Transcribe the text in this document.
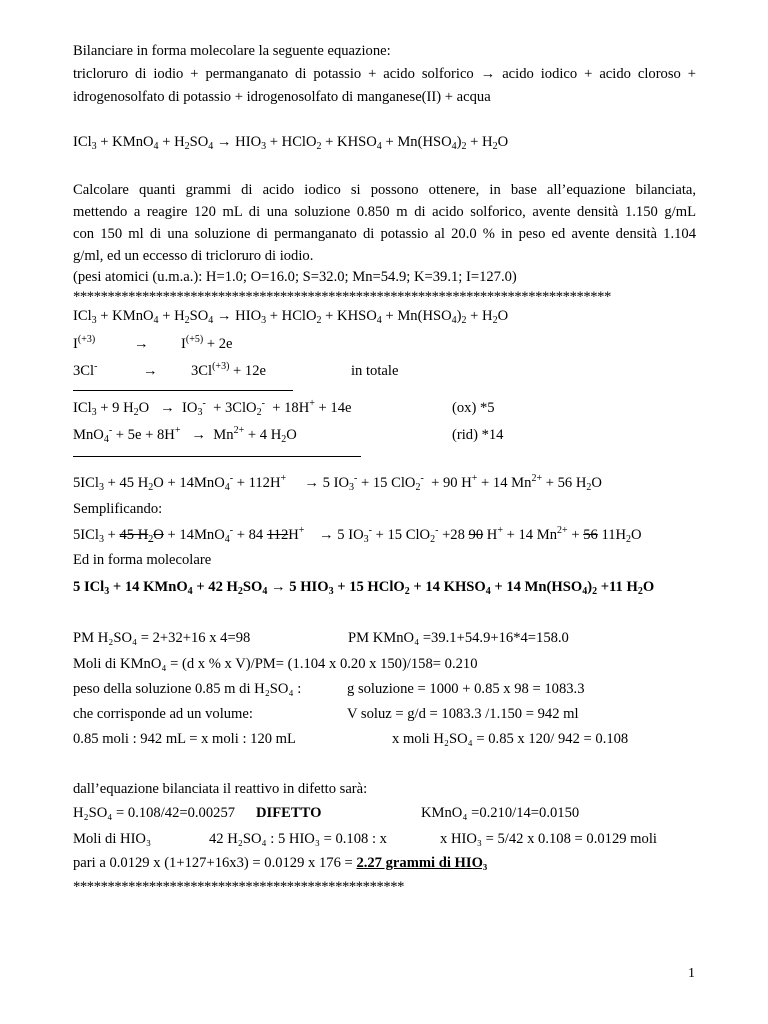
Bilanciare in forma molecolare la seguente equazione:
tricloruro di iodio + permanganato di potassio + acido solforico → acido iodico + acido cloroso +
idrogenosolfato di potassio + idrogenosolfato di manganese(II) + acqua
ICl$_3$ + KMnO$_4$ + $H_2SO_4 \to HIO_3$ + HClO$_2$ + $KHSO_4 + Mn(HSO_4)_2 + H_2O$
Calcolare quanti grammi di acido iodico si possono ottenere, in base all’equazione bilanciata,
mettendo a reagire 120 mL di una soluzione 0.850 m di acido solforico, avente densità 1.150 g/mL
con 150 ml di una soluzione di permanganato di potassio al 20.0 % in peso ed avente densità 1.104
g/ml, ed un eccesso di tricloruro di iodio.
(pesi atomici (u.m.a.): H=1.0; O=16.0; S=32.0; Mn=54.9; K=39.1; I=127.0)
******************************************************************************
ICl$_3$ + KMnO$_4$ + $H_2SO_4 \to HIO_3$ + HClO$_2$ + $KHSO_4 + Mn(HSO_4)_2 + H_2O$
$I^{(+3)}$	→ $I^{(+5)} + 2e$
3Cl-	→ $3Cl^{(+3)} + 12e$	in totale
ICl$_3$ + 9 $H_2O \to IO_3^- + 3ClO_2^- + 18H^+ + 14e$	(ox) *5
$MnO_4^- + 5e + 8H^+ \to Mn^{2+} + 4$ $H_2O$	(rid) *14
5ICl$_3$ + 45 $H_2O + 14MnO_4^- + 112H^+$     → 5 $IO_3^- + 15$ ClO$_2$-  + 90 H+ + 14 $Mn^{2+} + 56$ $H_2O$
Semplificando:
5ICl$_3$ + 45 $H_2O + 14MnO_4^- + 84$ 112H+    → 5 $IO_3^- + 15$ ClO$_2$- +28 90 H+ + 14 $Mn^{2+} + 56$ $11H_2O$
Ed in forma molecolare
5 ICl$_3$ + 14 KMnO$_4$ + 42 $H_2SO_4 \to 5$ $HIO_3 + 15$ HClO$_2$ + 14 $KHSO_4 + 14$ $Mn(HSO_4)_2 +11$ $H_2O$
PM H₂SO₄ = 2+32+16 x 4=98	PM KMnO₄ =39.1+54.9+16*4=158.0
Moli di KMnO₄ = (d x % x V)/PM= (1.104 x 0.20 x 150)/158= 0.210
peso della soluzione 0.85 m di H₂SO₄ :	g soluzione = 1000 + 0.85 x 98 = 1083.3
che corrisponde ad un volume:	V soluz = g/d = 1083.3 /1.150 = 942 ml
0.85 moli : 942 mL = x moli : 120 mL	x moli H₂SO₄ = 0.85 x 120/ 942 = 0.108
dall’equazione bilanciata il reattivo in difetto sarà:
H₂SO₄ = 0.108/42=0.00257 DIFETTO	KMnO₄ =0.210/14=0.0150
Moli di HIO₃	42 H₂SO₄ : 5 HIO₃ = 0.108 : x	x HIO₃ = 5/42 x 0.108 = 0.0129 moli
pari a 0.0129 x (1+127+16x3) = 0.0129 x 176 = 2.27 grammi di HIO₃
************************************************
1
